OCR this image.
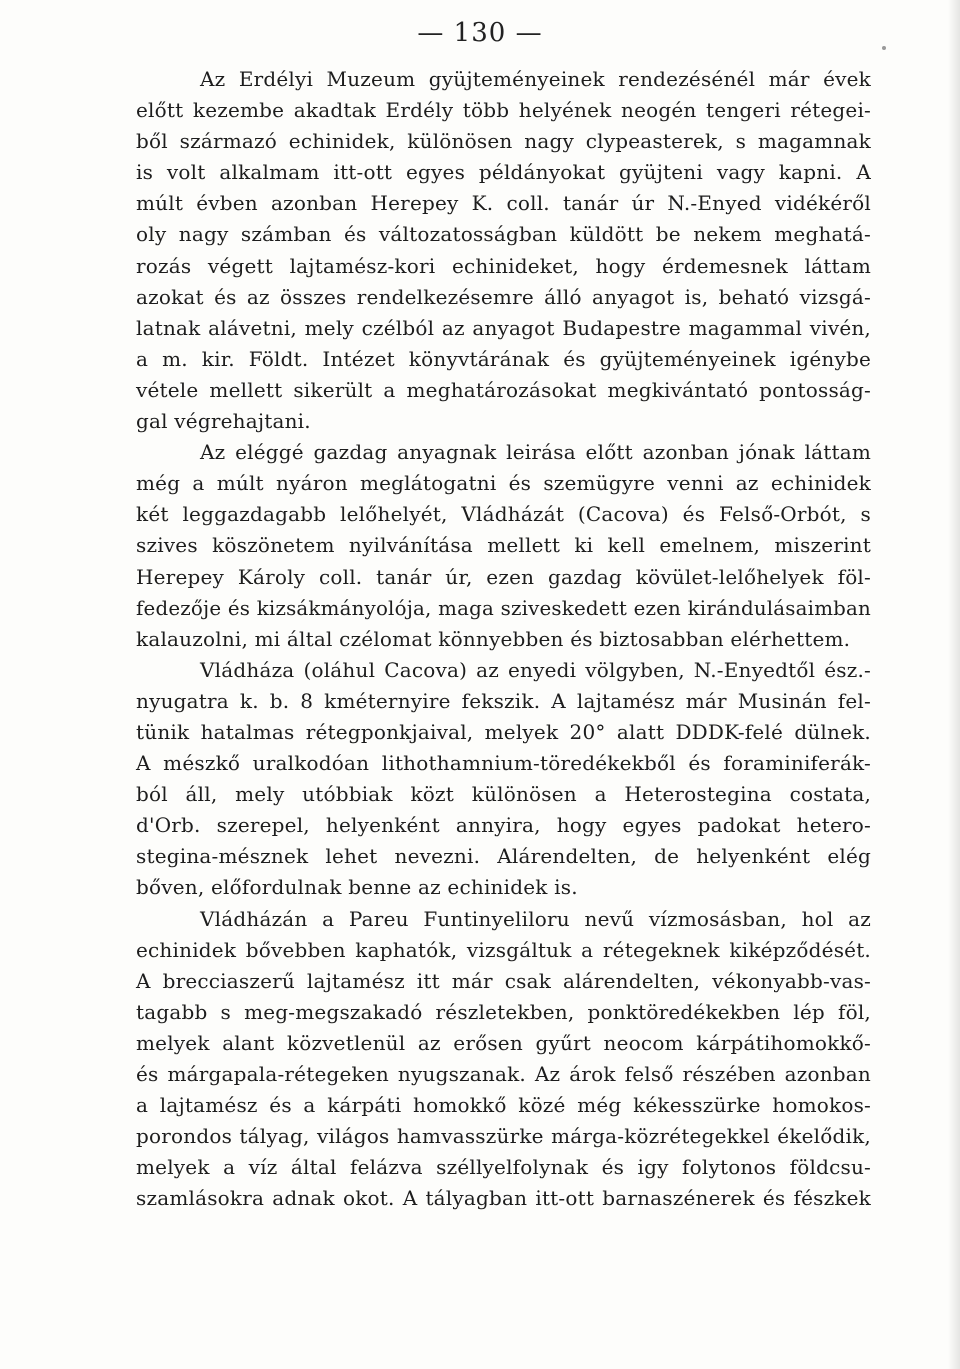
— 130 —
Az Erdélyi Muzeum gyüjteményeinek rendezésénél már évek
előtt kezembe akadtak Erdély több helyének neogén tengeri rétegei-
ből származó echinidek, különösen nagy clypeasterek, s magamnak
is volt alkalmam itt-ott egyes példányokat gyüjteni vagy kapni. A
múlt évben azonban Herepey K. coll. tanár úr N.-Enyed vidékéről
oly nagy számban és változatosságban küldött be nekem meghatá-
rozás végett lajtamész-kori echinideket, hogy érdemesnek láttam
azokat és az összes rendelkezésemre álló anyagot is, beható vizsgá-
latnak alávetni, mely czélból az anyagot Budapestre magammal vivén,
a m. kir. Földt. Intézet könyvtárának és gyüjteményeinek igénybe
vétele mellett sikerült a meghatározásokat megkivántató pontosság-
gal végrehajtani.
Az eléggé gazdag anyagnak leirása előtt azonban jónak láttam
még a múlt nyáron meglátogatni és szemügyre venni az echinidek
két leggazdagabb lelőhelyét, Vládházát (Cacova) és Felső-Orbót, s
szives köszönetem nyilvánítása mellett ki kell emelnem, miszerint
Herepey Károly coll. tanár úr, ezen gazdag kövület-lelőhelyek föl-
fedezője és kizsákmányolója, maga sziveskedett ezen kirándulásaimban
kalauzolni, mi által czélomat könnyebben és biztosabban elérhettem.
Vládháza (oláhul Cacova) az enyedi völgyben, N.-Enyedtől ész.-
nyugatra k. b. 8 kméternyire fekszik. A lajtamész már Musinán fel-
tünik hatalmas rétegponkjaival, melyek 20° alatt DDDK-felé dülnek.
A mészkő uralkodóan lithothamnium-töredékekből és foraminiferák-
ból áll, mely utóbbiak közt különösen a Heterostegina costata,
d'Orb. szerepel, helyenként annyira, hogy egyes padokat hetero-
stegina-mésznek lehet nevezni. Alárendelten, de helyenként elég
bőven, előfordulnak benne az echinidek is.
Vládházán a Pareu Funtinyeliloru nevű vízmosásban, hol az
echinidek bővebben kaphatók, vizsgáltuk a rétegeknek kiképződését.
A brecciaszerű lajtamész itt már csak alárendelten, vékonyabb-vas-
tagabb s meg-megszakadó részletekben, ponktöredékekben lép föl,
melyek alant közvetlenül az erősen gyűrt neocom kárpátihomokkő-
és márgapala-rétegeken nyugszanak. Az árok felső részében azonban
a lajtamész és a kárpáti homokkő közé még kékesszürke homokos-
porondos tályag, világos hamvasszürke márga-közrétegekkel ékelődik,
melyek a víz által felázva széllyelfolynak és igy folytonos földcsu-
szamlásokra adnak okot. A tályagban itt-ott barnaszénerek és fészkek
